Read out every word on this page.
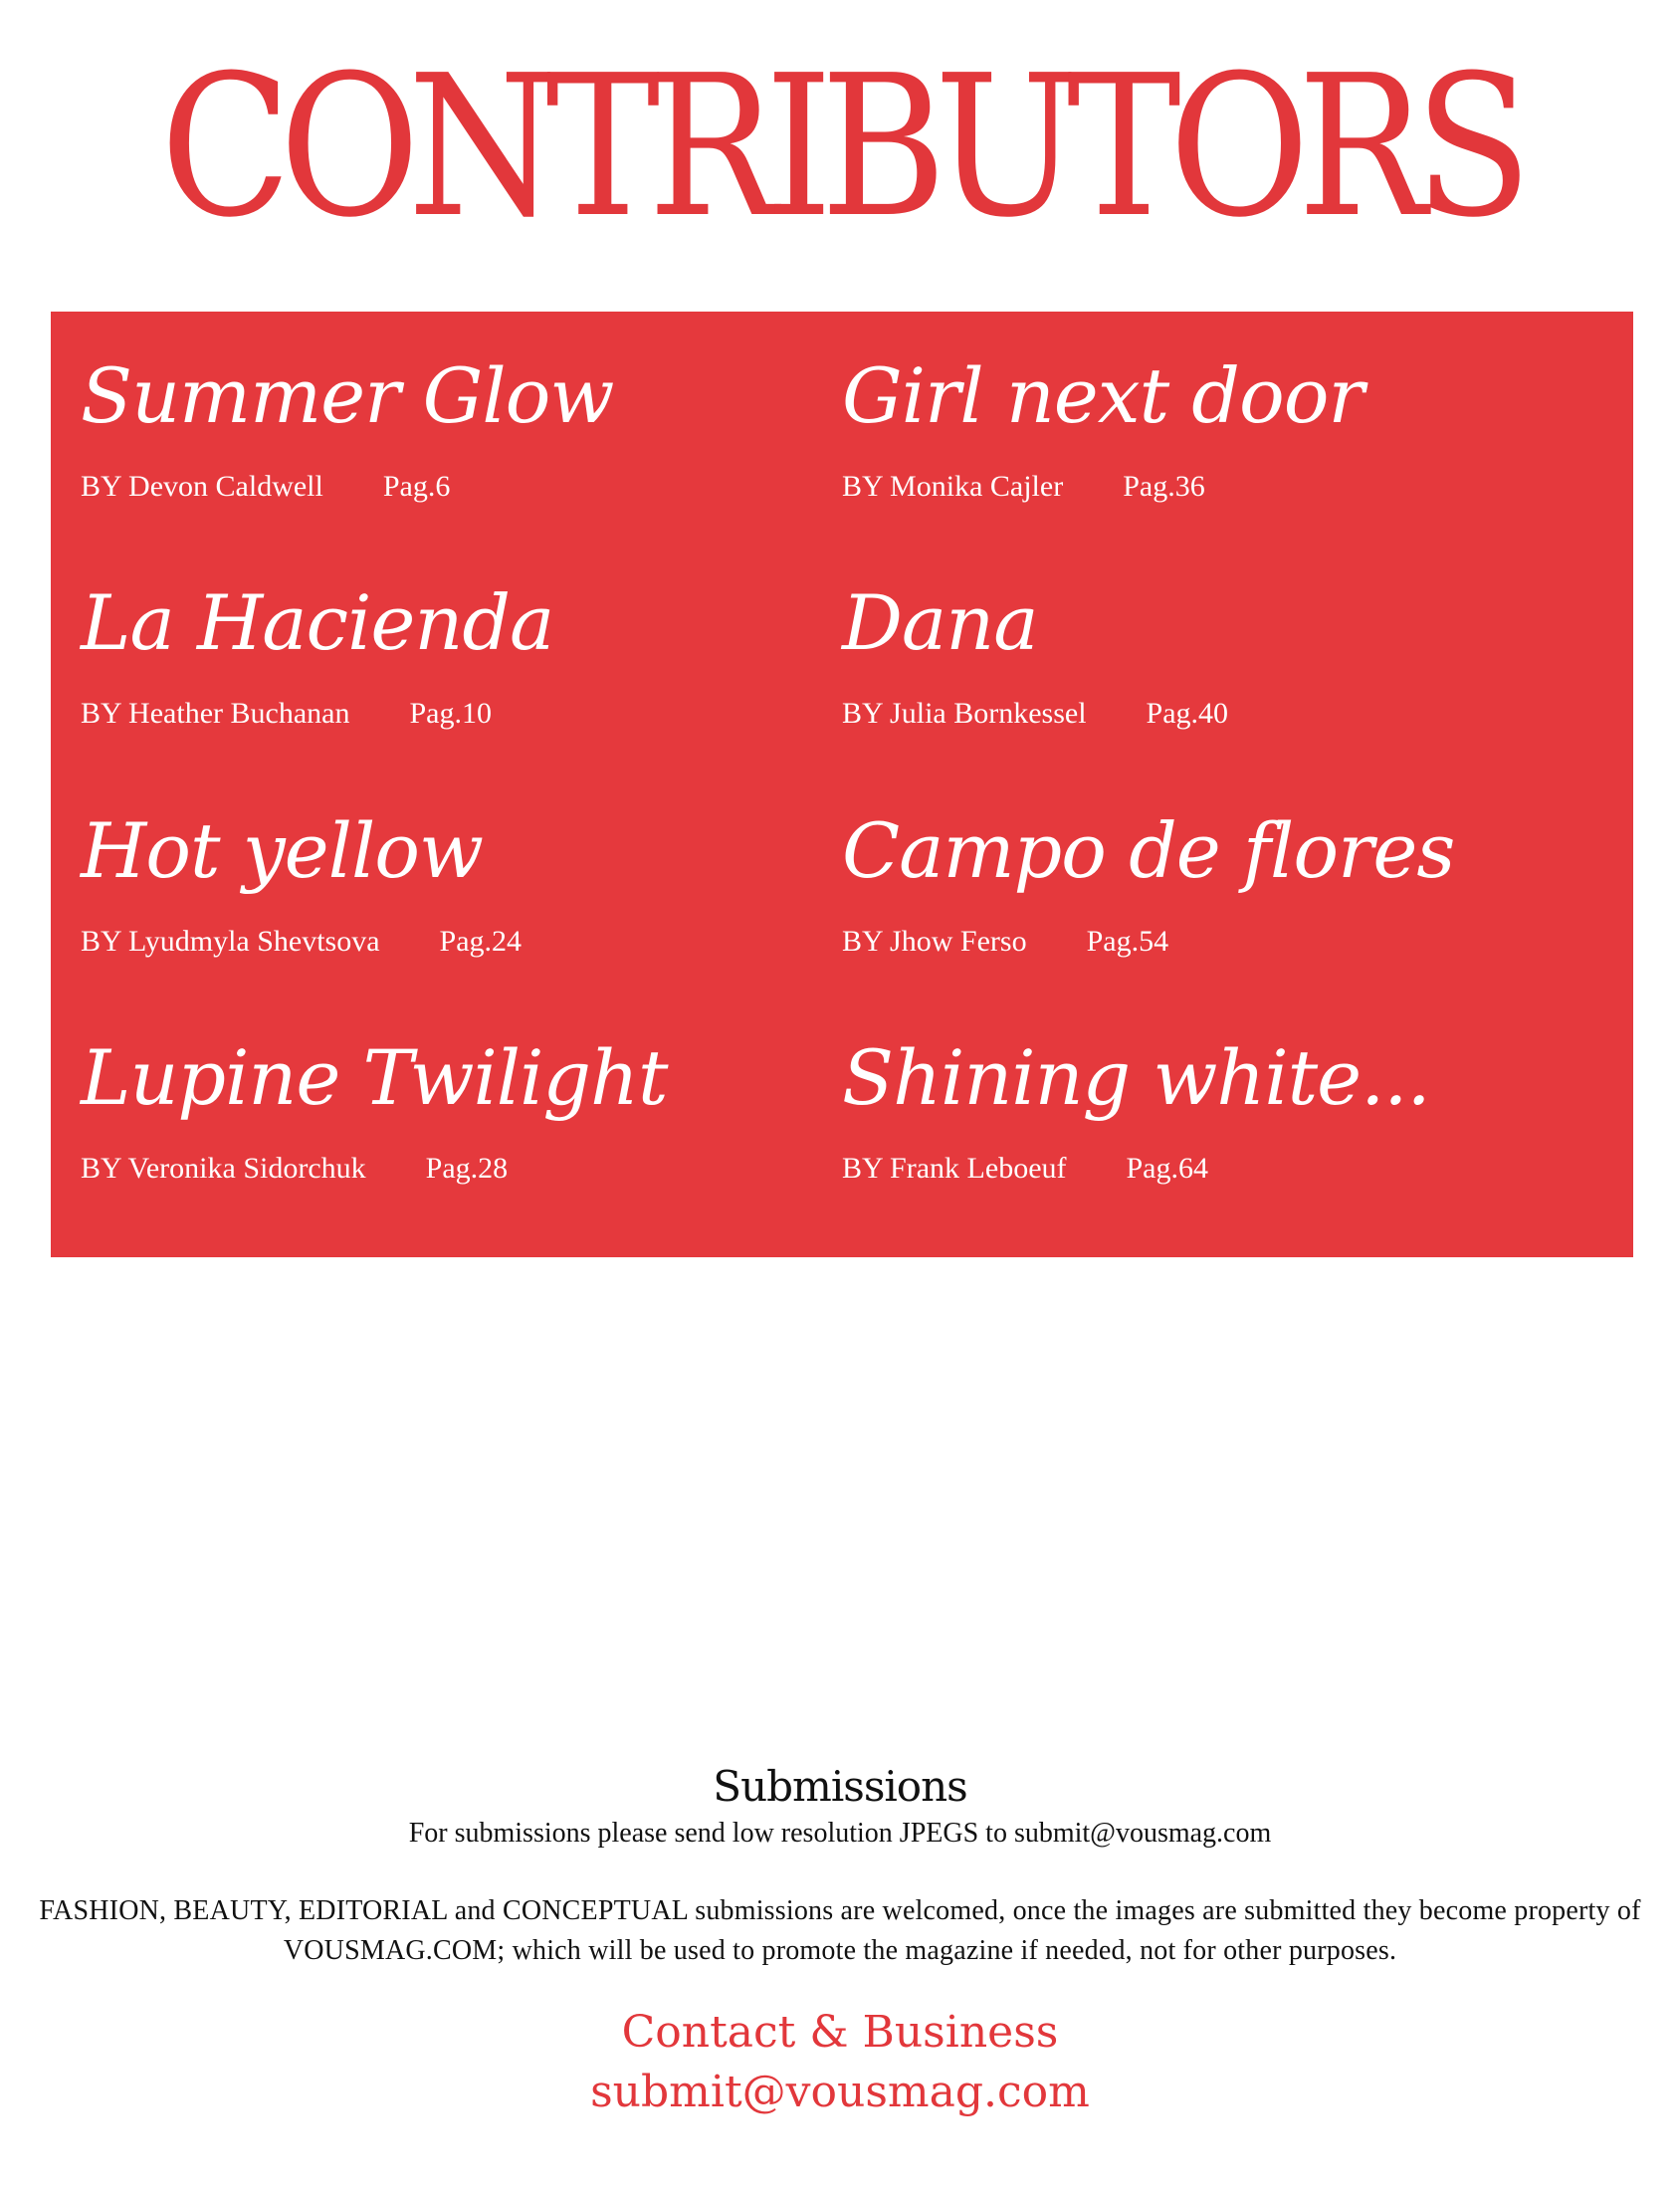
CONTRIBUTORS
Summer Glow
BY Devon Caldwell Pag.6
La Hacienda
BY Heather Buchanan Pag.10
Hot yellow
BY Lyudmyla Shevtsova Pag.24
Lupine Twilight
BY Veronika Sidorchuk Pag.28
Girl next door
BY Monika Cajler Pag.36
Dana
BY Julia Bornkessel Pag.40
Campo de flores
BY Jhow Ferso Pag.54
Shining white...
BY Frank Leboeuf Pag.64
Submissions
For submissions please send low resolution JPEGS to submit@vousmag.com
FASHION, BEAUTY, EDITORIAL and CONCEPTUAL submissions are welcomed, once the images are submitted they become property of VOUSMAG.COM; which will be used to promote the magazine if needed, not for other purposes.
Contact & Business
submit@vousmag.com
